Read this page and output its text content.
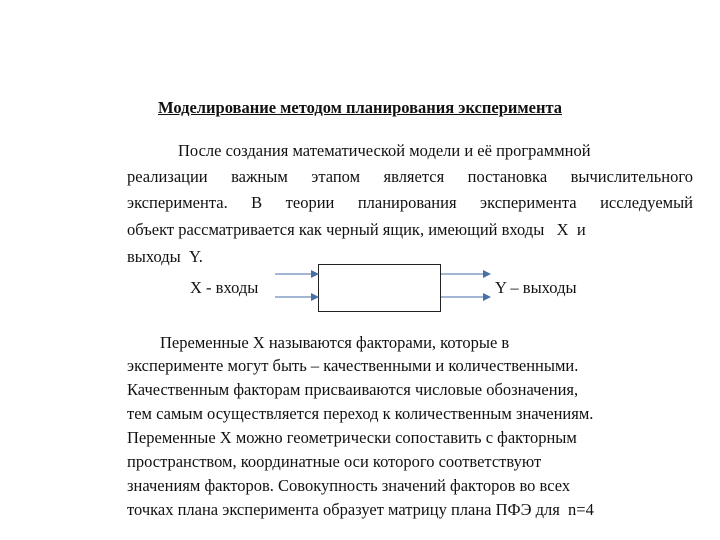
Моделирование методом планирования эксперимента
После создания математической модели и её программной
реализации важным этапом является постановка вычислительного
эксперимента. В теории планирования эксперимента исследуемый
объект рассматривается как черный ящик, имеющий входы   X  и
выходы  Y.
X - входы	Y – выходы
Переменные X называются факторами, которые в
эксперименте могут быть – качественными и количественными.
Качественным факторам присваиваются числовые обозначения,
тем самым осуществляется переход к количественным значениям.
Переменные X можно геометрически сопоставить с факторным
пространством, координатные оси которого соответствуют
значениям факторов. Совокупность значений факторов во всех
точках плана эксперимента образует матрицу плана ПФЭ для  n=4
